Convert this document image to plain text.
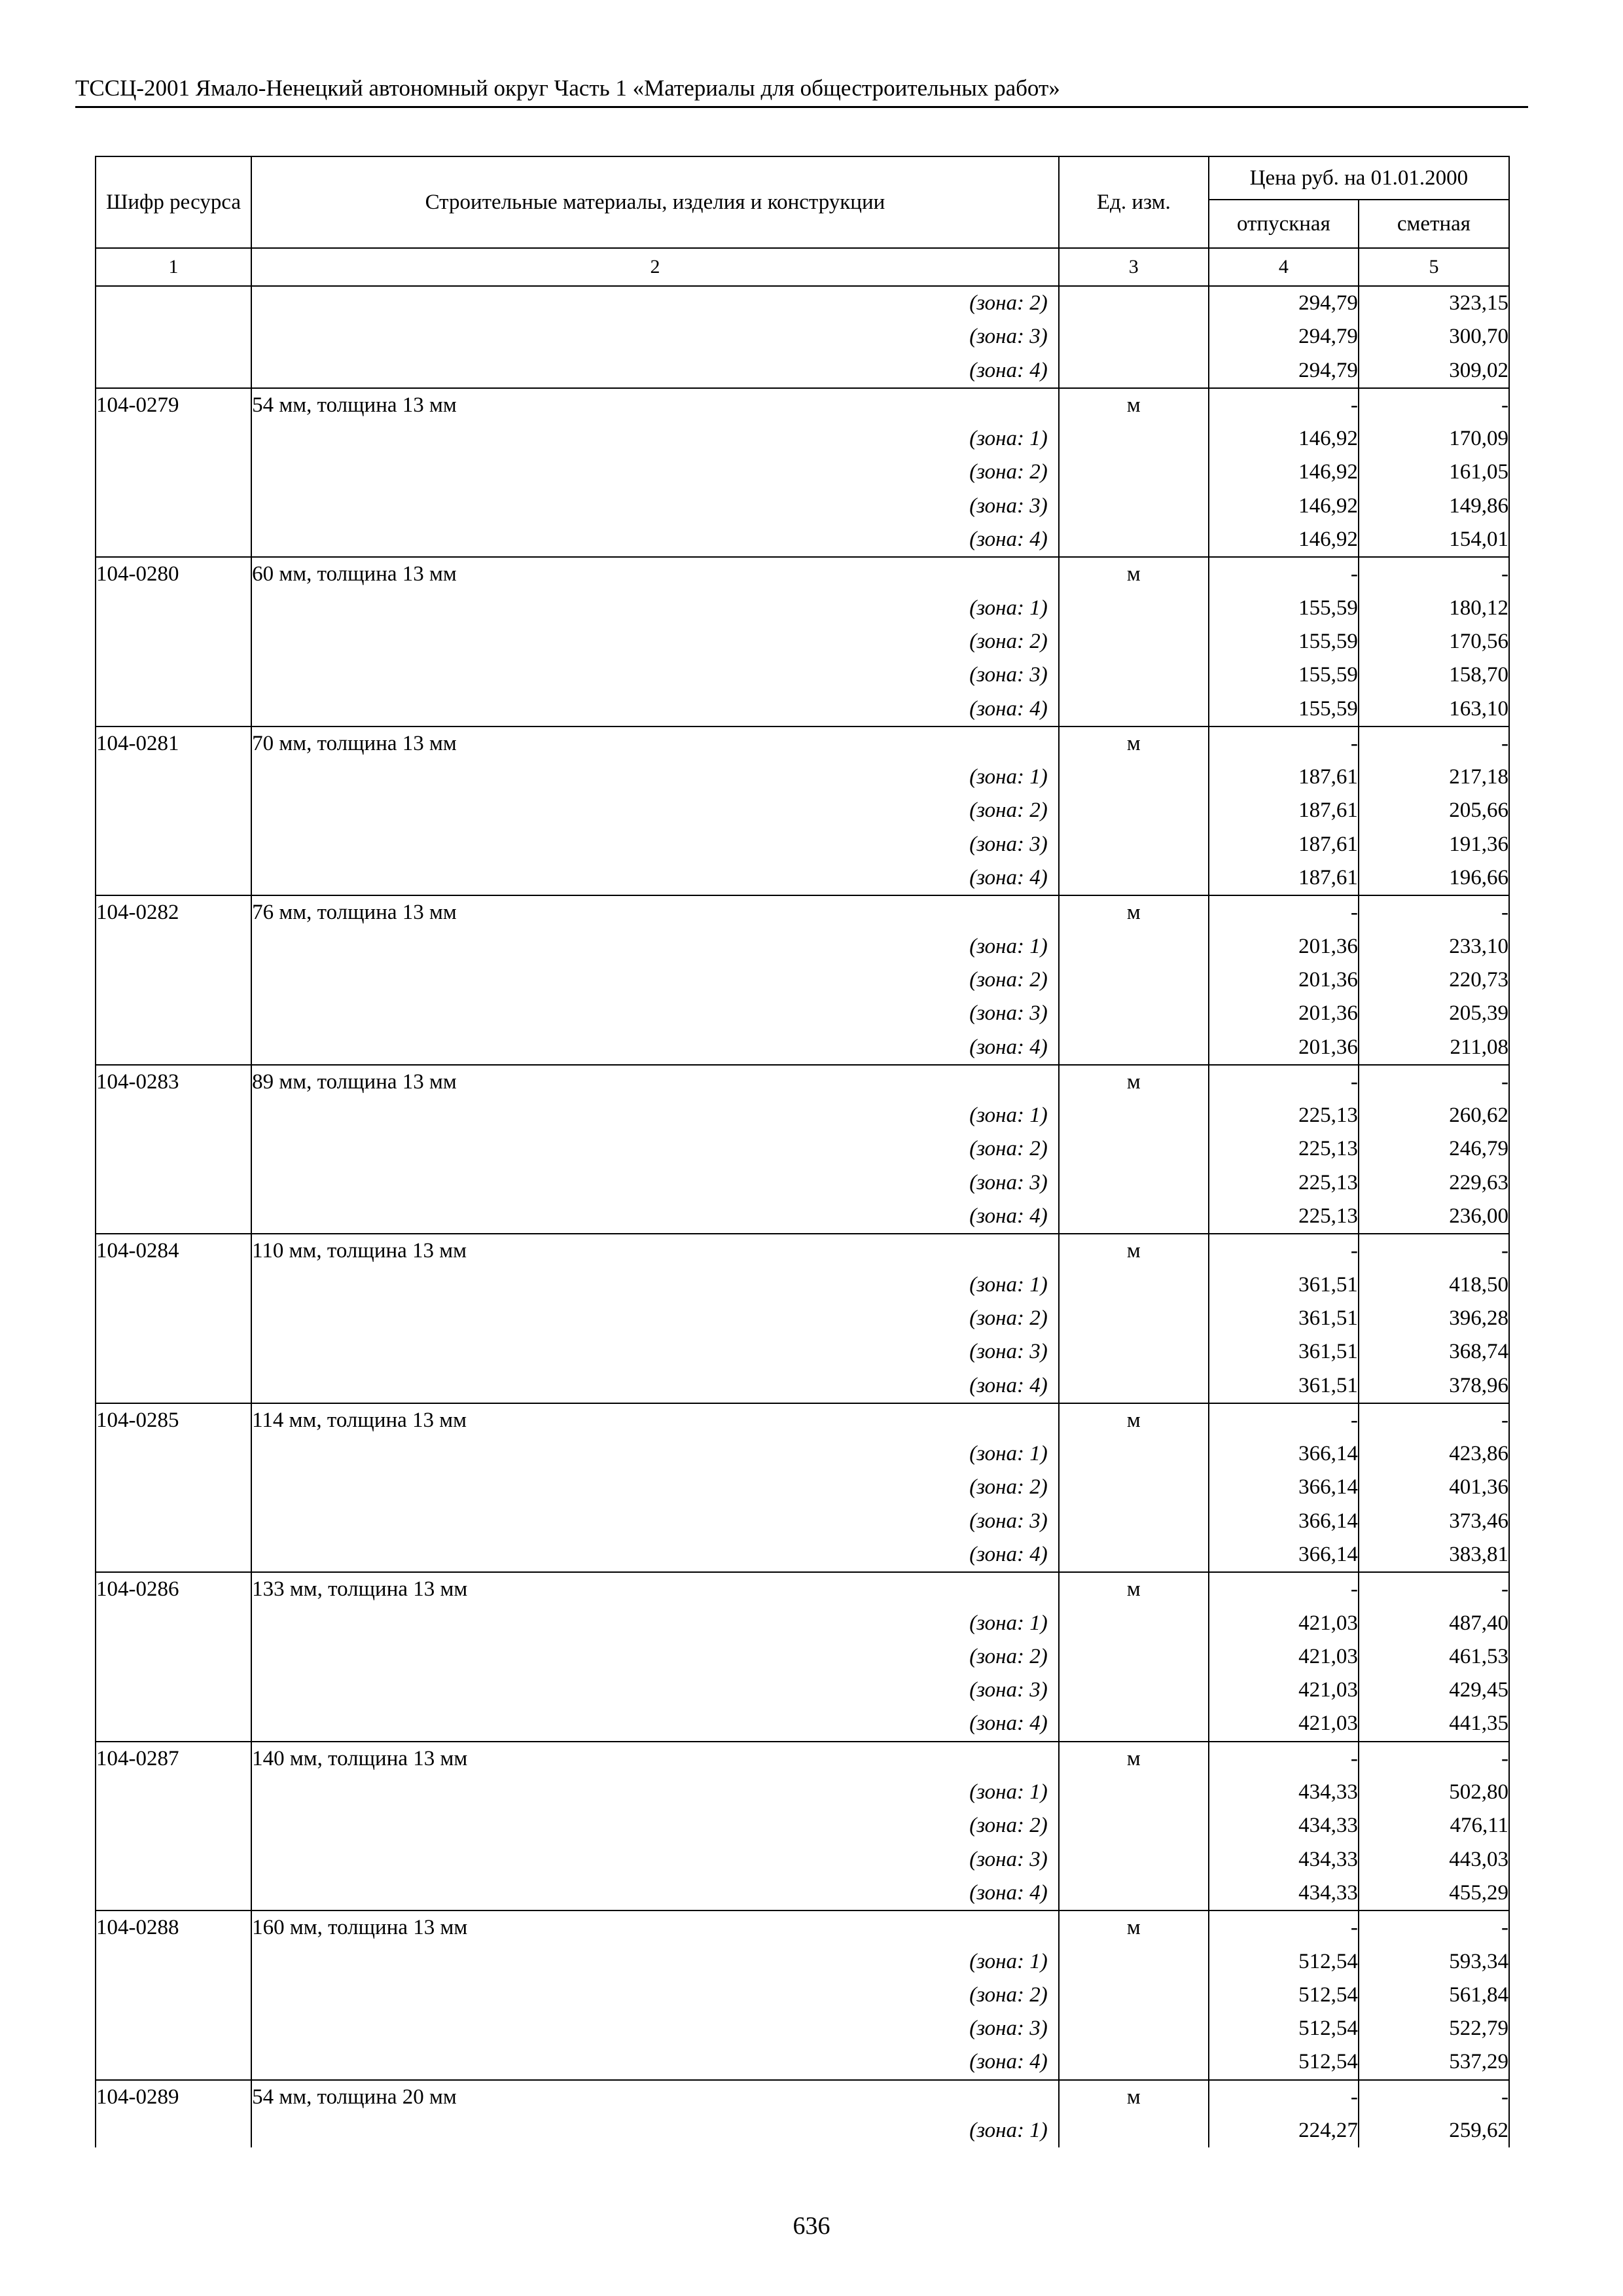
ТССЦ-2001 Ямало-Ненецкий автономный округ Часть 1 «Материалы для общестроительных работ»
Шифр ресурса	Строительные материалы, изделия и конструкции	Ед. изм.	Цена руб. на 01.01.2000	
			отпускная	сметная
1	2	3	4	5
	(зона: 2)		294,79	323,15
	(зона: 3)		294,79	300,70
	(зона: 4)		294,79	309,02
104-0279	54 мм, толщина 13 мм	м	-	-
	(зона: 1)		146,92	170,09
	(зона: 2)		146,92	161,05
	(зона: 3)		146,92	149,86
	(зона: 4)		146,92	154,01
104-0280	60 мм, толщина 13 мм	м	-	-
	(зона: 1)		155,59	180,12
	(зона: 2)		155,59	170,56
	(зона: 3)		155,59	158,70
	(зона: 4)		155,59	163,10
104-0281	70 мм, толщина 13 мм	м	-	-
	(зона: 1)		187,61	217,18
	(зона: 2)		187,61	205,66
	(зона: 3)		187,61	191,36
	(зона: 4)		187,61	196,66
104-0282	76 мм, толщина 13 мм	м	-	-
	(зона: 1)		201,36	233,10
	(зона: 2)		201,36	220,73
	(зона: 3)		201,36	205,39
	(зона: 4)		201,36	211,08
104-0283	89 мм, толщина 13 мм	м	-	-
	(зона: 1)		225,13	260,62
	(зона: 2)		225,13	246,79
	(зона: 3)		225,13	229,63
	(зона: 4)		225,13	236,00
104-0284	110 мм, толщина 13 мм	м	-	-
	(зона: 1)		361,51	418,50
	(зона: 2)		361,51	396,28
	(зона: 3)		361,51	368,74
	(зона: 4)		361,51	378,96
104-0285	114 мм, толщина 13 мм	м	-	-
	(зона: 1)		366,14	423,86
	(зона: 2)		366,14	401,36
	(зона: 3)		366,14	373,46
	(зона: 4)		366,14	383,81
104-0286	133 мм, толщина 13 мм	м	-	-
	(зона: 1)		421,03	487,40
	(зона: 2)		421,03	461,53
	(зона: 3)		421,03	429,45
	(зона: 4)		421,03	441,35
104-0287	140 мм, толщина 13 мм	м	-	-
	(зона: 1)		434,33	502,80
	(зона: 2)		434,33	476,11
	(зона: 3)		434,33	443,03
	(зона: 4)		434,33	455,29
104-0288	160 мм, толщина 13 мм	м	-	-
	(зона: 1)		512,54	593,34
	(зона: 2)		512,54	561,84
	(зона: 3)		512,54	522,79
	(зона: 4)		512,54	537,29
104-0289	54 мм, толщина 20 мм	м	-	-
	(зона: 1)		224,27	259,62
636
